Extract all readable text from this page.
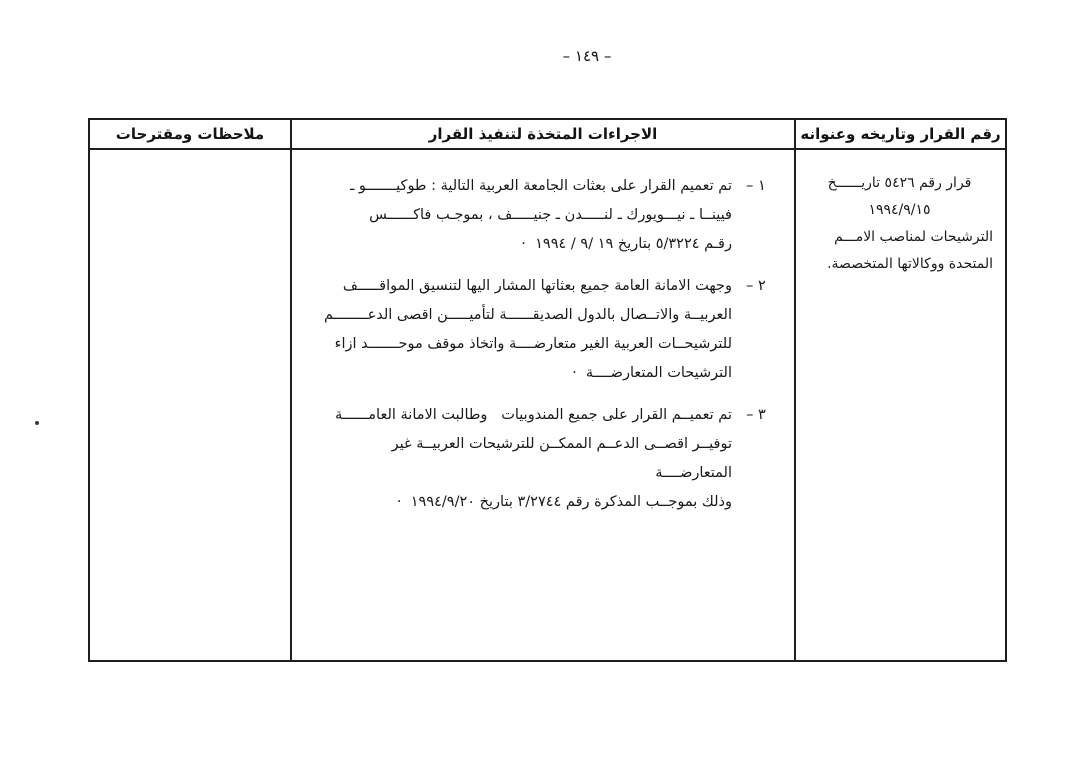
– ١٤٩ –
رقم القرار وتاريخه وعنوانه
قرار رقم ٥٤٢٦ تاريــــــخ
١٩٩٤/٩/١٥
الترشيحات لمناصب الامـــم
المتحدة ووكالاتها المتخصصة.
الاجراءات المتخذة لتنفيذ القرار
١ –
تم تعميم القرار على بعثات الجامعة العربية التالية : طوكيـــــــو ـ
فيينــا ـ نيـــويورك ـ لنـــــدن ـ جنيـــــف ، بموجـب فاكــــــس
رقـم ٥/٣٢٢٤ بتاريخ ١٩ /٩ / ١٩٩٤  ·
٢ –
وجهت الامانة العامة جميع بعثاتها المشار اليها لتنسيق المواقـــــف
العربيــة والاتــصال بالدول الصديقــــــة لتأميـــــن اقصى الدعــــــــم
للترشيحــات العربية الغير متعارضــــة واتخاذ موقف موحـــــــد ازاء
الترشيحات المتعارضــــة  ·
٣ –
تم تعميــم القرار على جميع المندوبيات   وطالبت الامانة العامــــــة
توفيــر اقصــى الدعــم الممكــن للترشيحات العربيــة غير المتعارضــــة
وذلك بموجــب المذكرة رقم ٣/٢٧٤٤ بتاريخ ١٩٩٤/٩/٢٠  ·
ملاحظات ومقترحات
